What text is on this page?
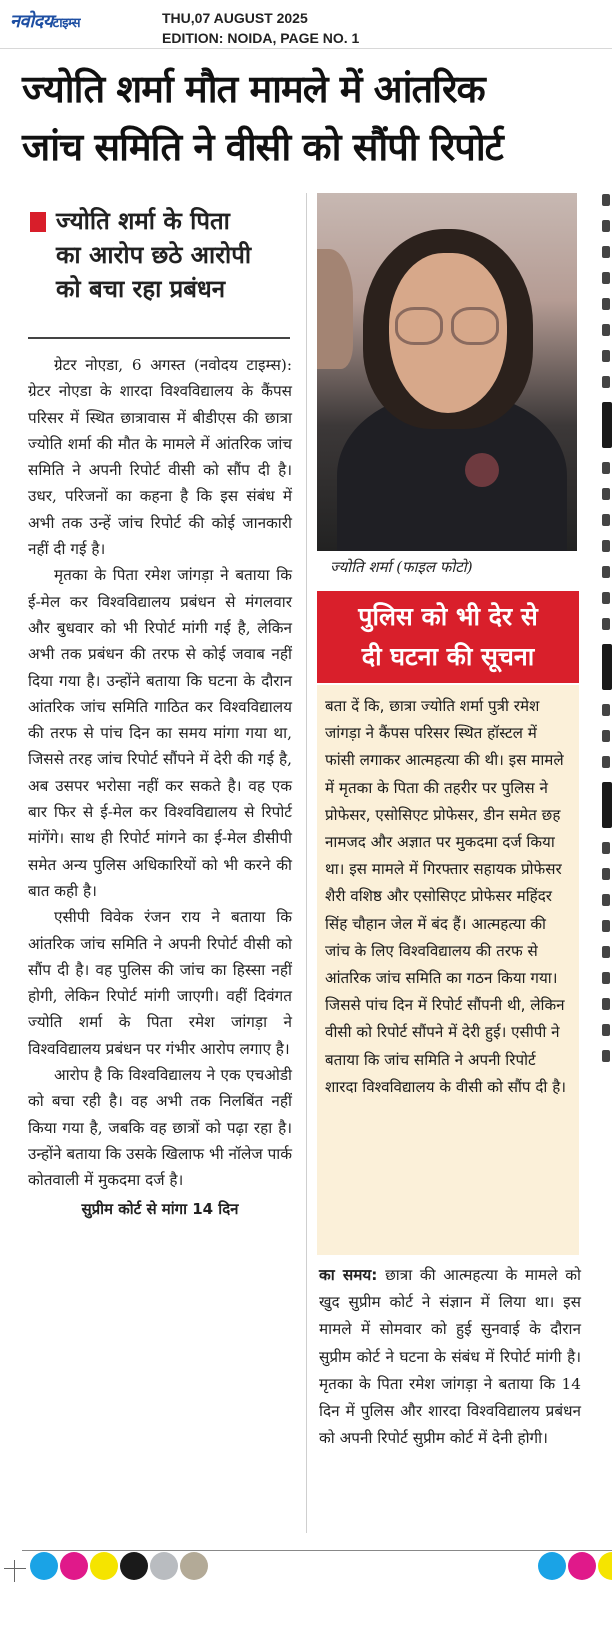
नवोदयटाइम्स	THU,07 AUGUST 2025
EDITION: NOIDA, PAGE NO. 1
ज्योति शर्मा मौत मामले में आंतरिक
जांच समिति ने वीसी को सौंपी रिपोर्ट
ज्योति शर्मा के पिता
का आरोप छठे आरोपी
को बचा रहा प्रबंधन

ग्रेटर नोएडा, 6 अगस्त (नवोदय टाइम्स): ग्रेटर नोएडा के शारदा विश्वविद्यालय के कैंपस परिसर में स्थित छात्रावास में बीडीएस की छात्रा ज्योति शर्मा की मौत के मामले में आंतरिक जांच समिति ने अपनी रिपोर्ट वीसी को सौंप दी है। उधर, परिजनों का कहना है कि इस संबंध में अभी तक उन्हें जांच रिपोर्ट की कोई जानकारी नहीं दी गई है।

मृतका के पिता रमेश जांगड़ा ने बताया कि ई-मेल कर विश्वविद्यालय प्रबंधन से मंगलवार और बुधवार को भी रिपोर्ट मांगी गई है, लेकिन अभी तक प्रबंधन की तरफ से कोई जवाब नहीं दिया गया है। उन्होंने बताया कि घटना के दौरान आंतरिक जांच समिति गाठित कर विश्वविद्यालय की तरफ से पांच दिन का समय मांगा गया था, जिससे तरह जांच रिपोर्ट सौंपने में देरी की गई है, अब उसपर भरोसा नहीं कर सकते है। वह एक बार फिर से ई-मेल कर विश्वविद्यालय से रिपोर्ट मांगेंगे। साथ ही रिपोर्ट मांगने का ई-मेल डीसीपी समेत अन्य पुलिस अधिकारियों को भी करने की बात कही है।

एसीपी विवेक रंजन राय ने बताया कि आंतरिक जांच समिति ने अपनी रिपोर्ट वीसी को सौंप दी है। वह पुलिस की जांच का हिस्सा नहीं होगी, लेकिन रिपोर्ट मांगी जाएगी। वहीं दिवंगत ज्योति शर्मा के पिता रमेश जांगड़ा ने विश्वविद्यालय प्रबंधन पर गंभीर आरोप लगाए है।

आरोप है कि विश्वविद्यालय ने एक एचओडी को बचा रही है। वह अभी तक निलबिंत नहीं किया गया है, जबकि वह छात्रों को पढ़ा रहा है। उन्होंने बताया कि उसके खिलाफ भी नॉलेज पार्क कोतवाली में मुकदमा दर्ज है।

सुप्रीम कोर्ट से मांगा 14 दिन

ज्योति शर्मा (फाइल फोटो)
पुलिस को भी देर से
दी घटना की सूचना

बता दें कि, छात्रा ज्योति शर्मा पुत्री रमेश जांगड़ा ने कैंपस परिसर स्थित हॉस्टल में फांसी लगाकर आत्महत्या की थी। इस मामले में मृतका के पिता की तहरीर पर पुलिस ने प्रोफेसर, एसोसिएट प्रोफेसर, डीन समेत छह नामजद और अज्ञात पर मुकदमा दर्ज किया था। इस मामले में गिरफ्तार सहायक प्रोफेसर शैरी वशिष्ठ और एसोसिएट प्रोफेसर महिंदर सिंह चौहान जेल में बंद हैं। आत्महत्या की जांच के लिए विश्वविद्यालय की तरफ से आंतरिक जांच समिति का गठन किया गया। जिससे पांच दिन में रिपोर्ट सौंपनी थी, लेकिन वीसी को रिपोर्ट सौंपने में देरी हुई। एसीपी ने बताया कि जांच समिति ने अपनी रिपोर्ट शारदा विश्वविद्यालय के वीसी को सौंप दी है।

का समय: छात्रा की आत्महत्या के मामले को खुद सुप्रीम कोर्ट ने संज्ञान में लिया था। इस मामले में सोमवार को हुई सुनवाई के दौरान सुप्रीम कोर्ट ने घटना के संबंध में रिपोर्ट मांगी है। मृतका के पिता रमेश जांगड़ा ने बताया कि 14 दिन में पुलिस और शारदा विश्वविद्यालय प्रबंधन को अपनी रिपोर्ट सुप्रीम कोर्ट में देनी होगी।
